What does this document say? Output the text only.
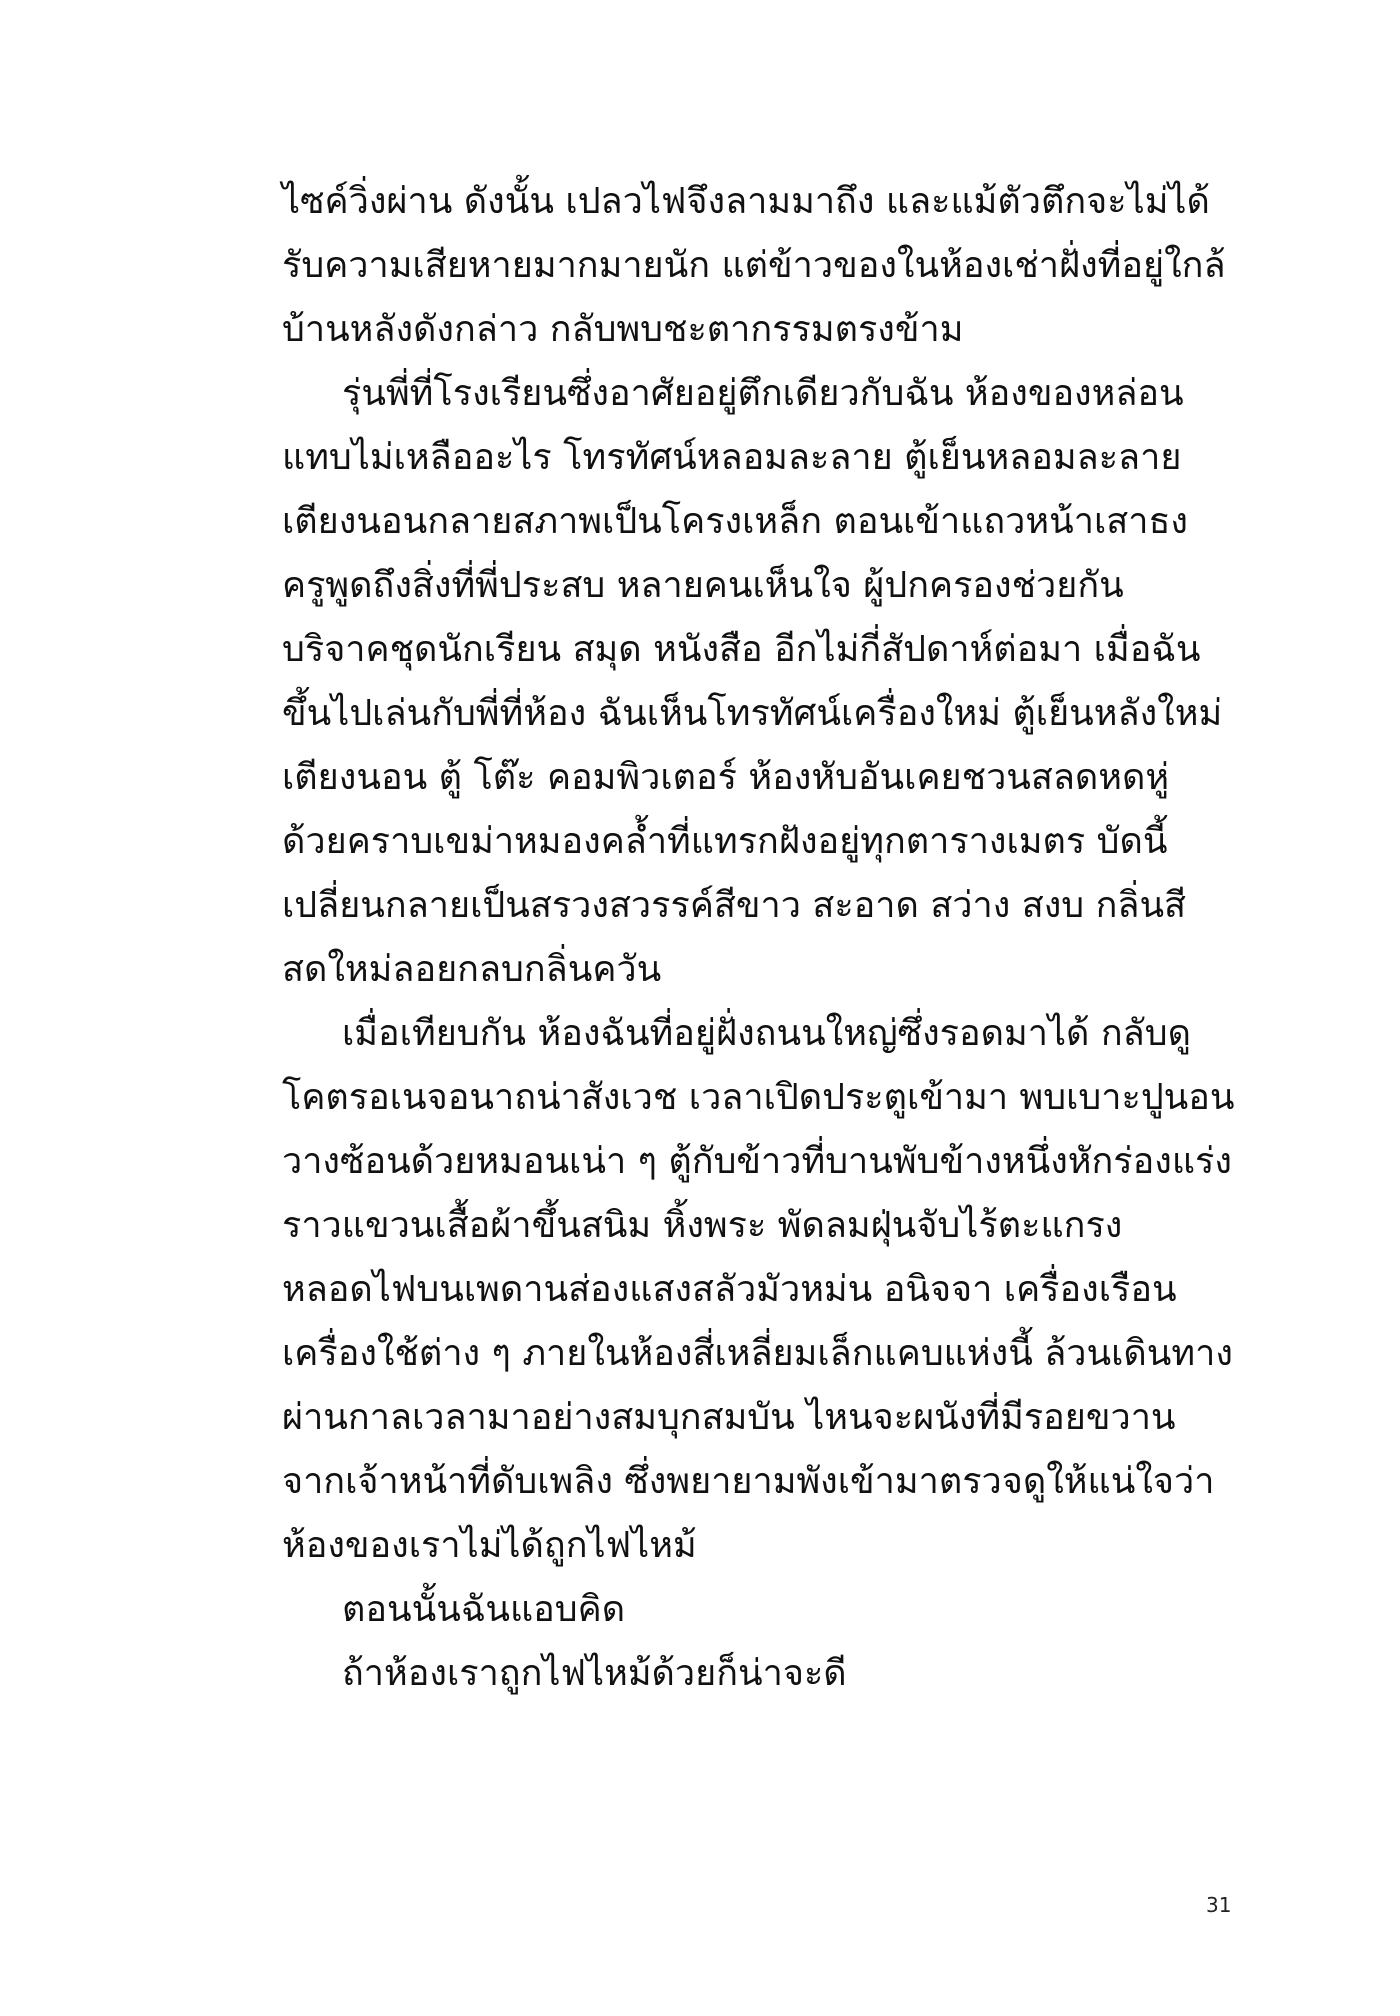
ไซค์วิ่งผ่าน ดังนั้น เปลวไฟจึงลามมาถึง และแม้ตัวตึกจะไม่ได้
รับความเสียหายมากมายนัก แต่ข้าวของในห้องเช่าฝั่งที่อยู่ใกล้
บ้านหลังดังกล่าว กลับพบชะตากรรมตรงข้าม
รุ่นพี่ที่โรงเรียนซึ่งอาศัยอยู่ตึกเดียวกับฉัน ห้องของหล่อน
แทบไม่เหลืออะไร โทรทัศน์หลอมละลาย ตู้เย็นหลอมละลาย
เตียงนอนกลายสภาพเป็นโครงเหล็ก ตอนเข้าแถวหน้าเสาธง
ครูพูดถึงสิ่งที่พี่ประสบ หลายคนเห็นใจ ผู้ปกครองช่วยกัน
บริจาคชุดนักเรียน สมุด หนังสือ อีกไม่กี่สัปดาห์ต่อมา เมื่อฉัน
ขึ้นไปเล่นกับพี่ที่ห้อง ฉันเห็นโทรทัศน์เครื่องใหม่ ตู้เย็นหลังใหม่
เตียงนอน ตู้ โต๊ะ คอมพิวเตอร์ ห้องหับอันเคยชวนสลดหดหู่
ด้วยคราบเขม่าหมองคล้ำที่แทรกฝังอยู่ทุกตารางเมตร บัดนี้
เปลี่ยนกลายเป็นสรวงสวรรค์สีขาว สะอาด สว่าง สงบ กลิ่นสี
สดใหม่ลอยกลบกลิ่นควัน
เมื่อเทียบกัน ห้องฉันที่อยู่ฝั่งถนนใหญ่ซึ่งรอดมาได้ กลับดู
โคตรอเนจอนาถน่าสังเวช เวลาเปิดประตูเข้ามา พบเบาะปูนอน
วางซ้อนด้วยหมอนเน่า ๆ ตู้กับข้าวที่บานพับข้างหนึ่งหักร่องแร่ง
ราวแขวนเสื้อผ้าขึ้นสนิม หิ้งพระ พัดลมฝุ่นจับไร้ตะแกรง
หลอดไฟบนเพดานส่องแสงสลัวมัวหม่น อนิจจา เครื่องเรือน
เครื่องใช้ต่าง ๆ ภายในห้องสี่เหลี่ยมเล็กแคบแห่งนี้ ล้วนเดินทาง
ผ่านกาลเวลามาอย่างสมบุกสมบัน ไหนจะผนังที่มีรอยขวาน
จากเจ้าหน้าที่ดับเพลิง ซึ่งพยายามพังเข้ามาตรวจดูให้แน่ใจว่า
ห้องของเราไม่ได้ถูกไฟไหม้
ตอนนั้นฉันแอบคิด
ถ้าห้องเราถูกไฟไหม้ด้วยก็น่าจะดี
31
